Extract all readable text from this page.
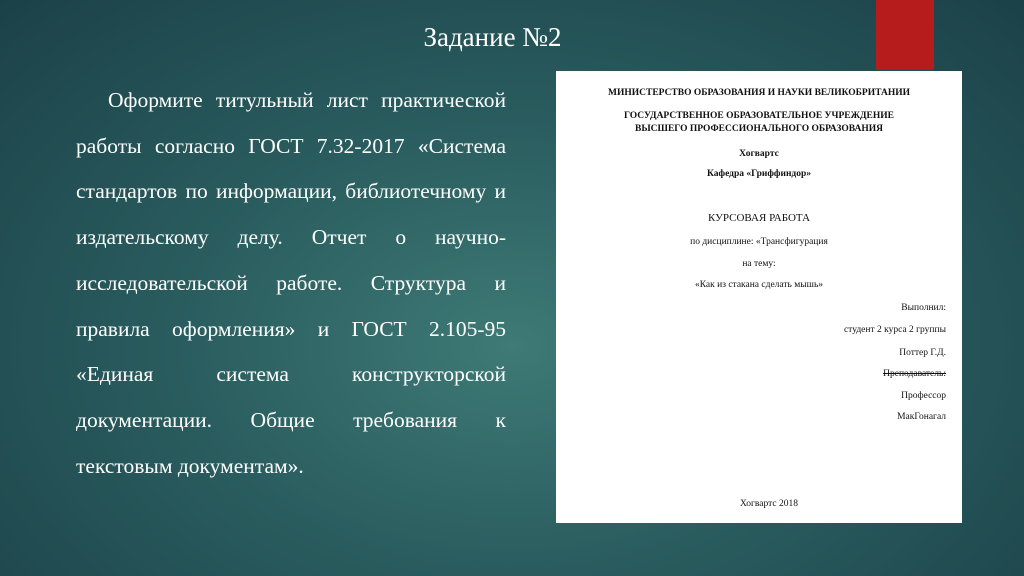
Задание №2

Оформите титульный лист практической работы согласно ГОСТ 7.32-2017 «Система стандартов по информации, библиотечному и издательскому делу. Отчет о научно-исследовательской работе. Структура и правила оформления» и ГОСТ 2.105-95 «Единая система конструкторской документации. Общие требования к текстовым документам».

МИНИСТЕРСТВО ОБРАЗОВАНИЯ И НАУКИ ВЕЛИКОБРИТАНИИ
ГОСУДАРСТВЕННОЕ ОБРАЗОВАТЕЛЬНОЕ УЧРЕЖДЕНИЕ
ВЫСШЕГО ПРОФЕССИОНАЛЬНОГО ОБРАЗОВАНИЯ
Хогвартс
Кафедра «Гриффиндор»
КУРСОВАЯ РАБОТА
по дисциплине: «Трансфигурация
на тему:
«Как из стакана сделать мышь»
Выполнил:
студент 2 курса 2 группы
Поттер Г.Д.
Преподаватель:
Профессор
МакГонагал
Хогвартс 2018
